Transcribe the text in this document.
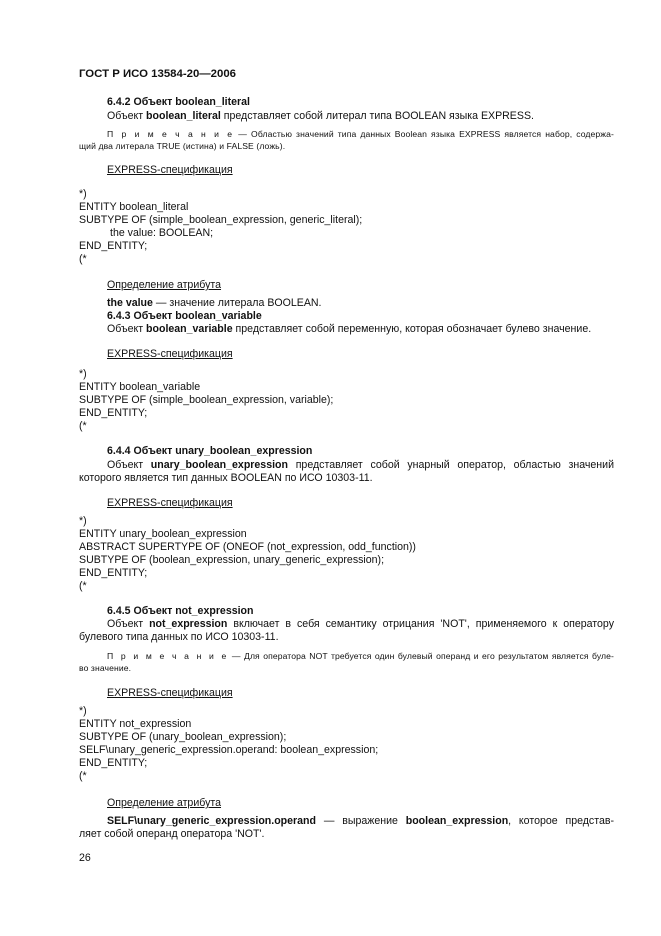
ГОСТ Р ИСО 13584-20—2006
6.4.2 Объект boolean_literal
Объект boolean_literal представляет собой литерал типа BOOLEAN языка EXPRESS.
П р и м е ч а н и е — Областью значений типа данных Boolean языка EXPRESS является набор, содержа-
щий два литерала TRUE (истина) и FALSE (ложь).
EXPRESS-спецификация
*)
ENTITY boolean_literal
SUBTYPE OF (simple_boolean_expression, generic_literal);
the value: BOOLEAN;
END_ENTITY;
(*
Определение атрибута
the value — значение литерала BOOLEAN.
6.4.3 Объект boolean_variable
Объект boolean_variable представляет собой переменную, которая обозначает булево значение.
EXPRESS-спецификация
*)
ENTITY boolean_variable
SUBTYPE OF (simple_boolean_expression, variable);
END_ENTITY;
(*
6.4.4 Объект unary_boolean_expression
Объект unary_boolean_expression представляет собой унарный оператор, областью значений
которого является тип данных BOOLEAN по ИСО 10303-11.
EXPRESS-спецификация
*)
ENTITY unary_boolean_expression
ABSTRACT SUPERTYPE OF (ONEOF (not_expression, odd_function))
SUBTYPE OF (boolean_expression, unary_generic_expression);
END_ENTITY;
(*
6.4.5 Объект not_expression
Объект not_expression включает в себя семантику отрицания 'NOT', применяемого к оператору
булевого типа данных по ИСО 10303-11.
П р и м е ч а н и е — Для оператора NOT требуется один булевый операнд и его результатом является буле-
во значение.
EXPRESS-спецификация
*)
ENTITY not_expression
SUBTYPE OF (unary_boolean_expression);
SELF\unary_generic_expression.operand: boolean_expression;
END_ENTITY;
(*
Определение атрибута
SELF\unary_generic_expression.operand — выражение boolean_expression, которое представ-
ляет собой операнд оператора 'NOT'.
26
